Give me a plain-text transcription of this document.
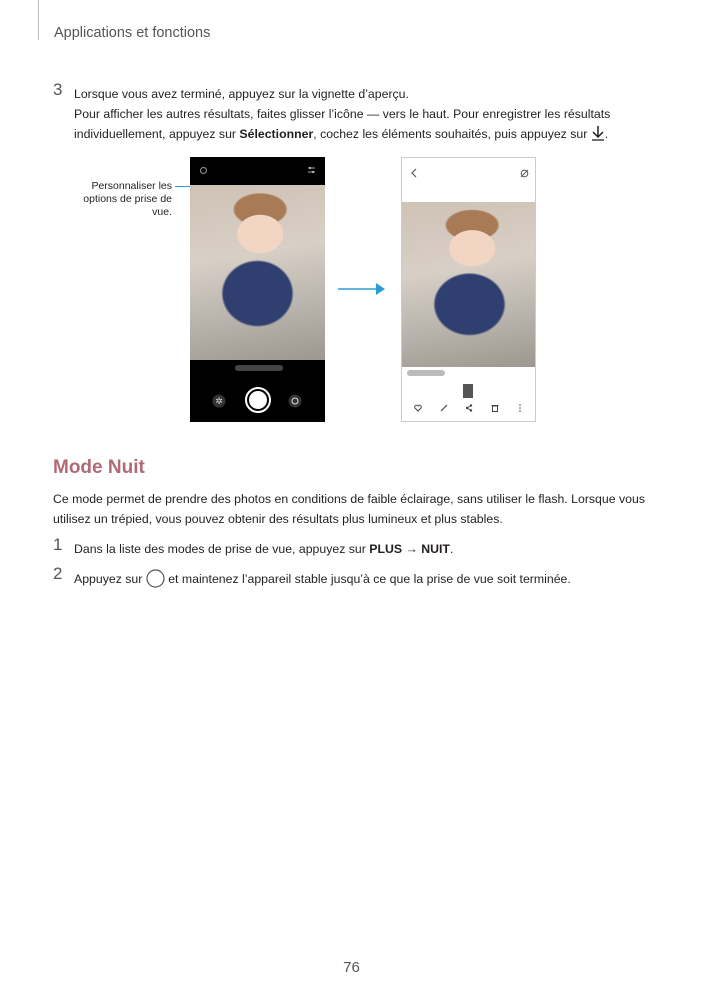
Applications et fonctions
3 Lorsque vous avez terminé, appuyez sur la vignette d’aperçu.
Pour afficher les autres résultats, faites glisser l’icône — vers le haut. Pour enregistrer les résultats
individuellement, appuyez sur Sélectionner, cochez les éléments souhaités, puis appuyez sur .
Personnaliser les options de prise de vue.
✲
Mode Nuit
Ce mode permet de prendre des photos en conditions de faible éclairage, sans utiliser le flash. Lorsque vous
utilisez un trépied, vous pouvez obtenir des résultats plus lumineux et plus stables.
1 Dans la liste des modes de prise de vue, appuyez sur PLUS → NUIT.
2 Appuyez sur  et maintenez l’appareil stable jusqu’à ce que la prise de vue soit terminée.
76
